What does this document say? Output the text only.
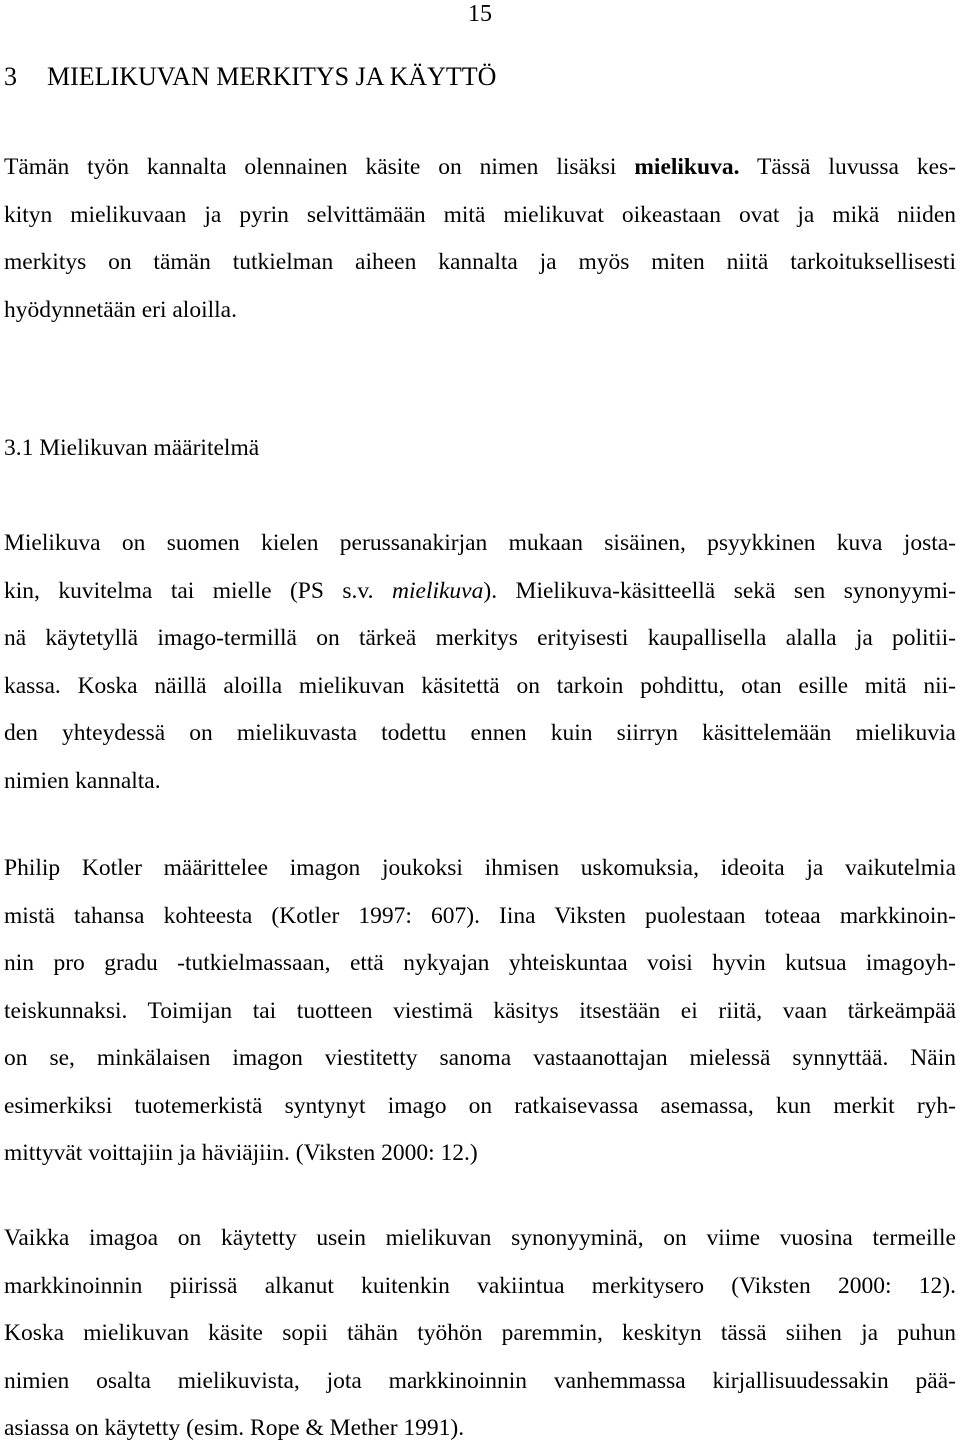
15
3 MIELIKUVAN MERKITYS JA KÄYTTÖ

Tämän työn kannalta olennainen käsite on nimen lisäksi mielikuva. Tässä luvussa kes-
kityn mielikuvaan ja pyrin selvittämään mitä mielikuvat oikeastaan ovat ja mikä niiden
merkitys on tämän tutkielman aiheen kannalta ja myös miten niitä tarkoituksellisesti
hyödynnetään eri aloilla.

3.1 Mielikuvan määritelmä

Mielikuva on suomen kielen perussanakirjan mukaan sisäinen, psyykkinen kuva josta-
kin, kuvitelma tai mielle (PS s.v. mielikuva). Mielikuva-käsitteellä sekä sen synonyymi-
nä käytetyllä imago-termillä on tärkeä merkitys erityisesti kaupallisella alalla ja politii-
kassa. Koska näillä aloilla mielikuvan käsitettä on tarkoin pohdittu, otan esille mitä nii-
den yhteydessä on mielikuvasta todettu ennen kuin siirryn käsittelemään mielikuvia
nimien kannalta.

Philip Kotler määrittelee imagon joukoksi ihmisen uskomuksia, ideoita ja vaikutelmia
mistä tahansa kohteesta (Kotler 1997: 607). Iina Viksten puolestaan toteaa markkinoin-
nin pro gradu -tutkielmassaan, että nykyajan yhteiskuntaa voisi hyvin kutsua imagoyh-
teiskunnaksi. Toimijan tai tuotteen viestimä käsitys itsestään ei riitä, vaan tärkeämpää
on se, minkälaisen imagon viestitetty sanoma vastaanottajan mielessä synnyttää. Näin
esimerkiksi tuotemerkistä syntynyt imago on ratkaisevassa asemassa, kun merkit ryh-
mittyvät voittajiin ja häviäjiin. (Viksten 2000: 12.)

Vaikka imagoa on käytetty usein mielikuvan synonyyminä, on viime vuosina termeille
markkinoinnin piirissä alkanut kuitenkin vakiintua merkitysero (Viksten 2000: 12).
Koska mielikuvan käsite sopii tähän työhön paremmin, keskityn tässä siihen ja puhun
nimien osalta mielikuvista, jota markkinoinnin vanhemmassa kirjallisuudessakin pää-
asiassa on käytetty (esim. Rope & Mether 1991).
